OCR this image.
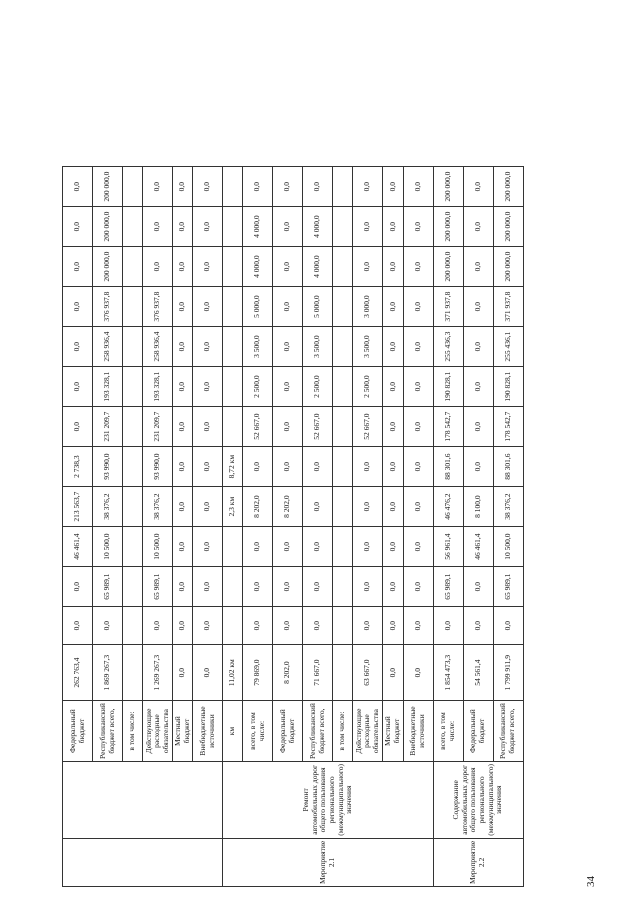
34
		Федеральный бюджет	262 763,4	0,0	0,0	46 461,4	213 563,7	2 738,3	0,0	0,0	0,0	0,0	0,0	0,0	0,0
		Республиканский бюджет всего,	1 869 267,3	0,0	65 989,1	10 500,0	38 376,2	93 990,0	231 209,7	193 328,1	258 936,4	376 937,8	200 000,0	200 000,0	200 000,0
		в том числе:													
		Действующие расходные обязательства	1 269 267,3	0,0	65 989,1	10 500,0	38 376,2	93 990,0	231 209,7	193 328,1	258 936,4	376 937,8	0,0	0,0	0,0
		Местный бюджет	0,0	0,0	0,0	0,0	0,0	0,0	0,0	0,0	0,0	0,0	0,0	0,0	0,0
		Внебюджетные источники	0,0	0,0	0,0	0,0	0,0	0,0	0,0	0,0	0,0	0,0	0,0	0,0	0,0
Мероприятие 2.1	Ремонт автомобильных дорог общего пользования регионального (межмуниципального) значения	км	11,02 км				2,3 км	8,72 км							
		всего, в том числе:	79 869,0	0,0	0,0	0,0	8 202,0	0,0	52 667,0	2 500,0	3 500,0	5 000,0	4 000,0	4 000,0	0,0
		Федеральный бюджет	8 202,0	0,0	0,0	0,0	8 202,0	0,0	0,0	0,0	0,0	0,0	0,0	0,0	0,0
		Республиканский бюджет всего,	71 667,0	0,0	0,0	0,0	0,0	0,0	52 667,0	2 500,0	3 500,0	5 000,0	4 000,0	4 000,0	0,0
		в том числе:													
		Действующие расходные обязательства	63 667,0	0,0	0,0	0,0	0,0	0,0	52 667,0	2 500,0	3 500,0	3 000,0	0,0	0,0	0,0
		Местный бюджет	0,0	0,0	0,0	0,0	0,0	0,0	0,0	0,0	0,0	0,0	0,0	0,0	0,0
		Внебюджетные источники	0,0	0,0	0,0	0,0	0,0	0,0	0,0	0,0	0,0	0,0	0,0	0,0	0,0
Мероприятие 2.2	Содержание автомобильных дорог общего пользования регионального (межмуниципального) значения	всего, в том числе:	1 854 473,3	0,0	65 989,1	56 961,4	46 476,2	88 301,6	178 542,7	190 828,1	255 436,3	371 937,8	200 000,0	200 000,0	200 000,0
		Федеральный бюджет	54 561,4	0,0	0,0	46 461,4	8 100,0	0,0	0,0	0,0	0,0	0,0	0,0	0,0	0,0
		Республиканский бюджет всего,	1 799 911,9	0,0	65 989,1	10 500,0	38 376,2	88 301,6	178 542,7	190 828,1	255 436,1	371 937,8	200 000,0	200 000,0	200 000,0
